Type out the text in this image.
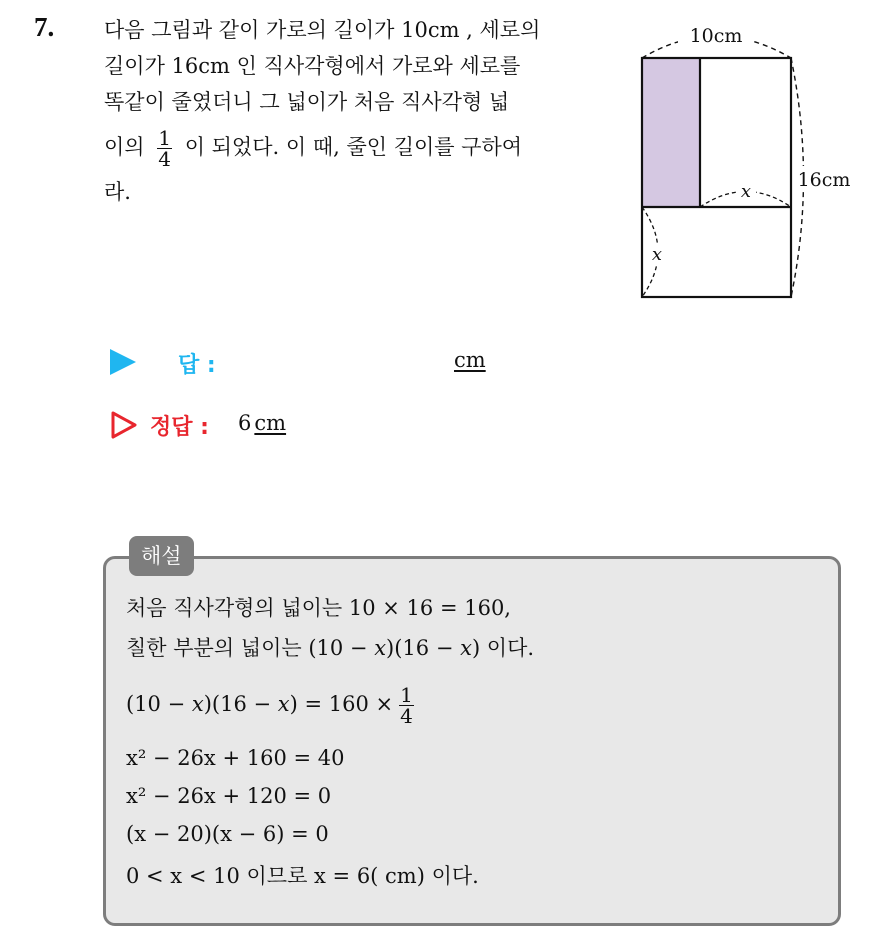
7. 다음 그림과 같이 가로의 길이가 10cm , 세로의
길이가 16cm 인 직사각형에서 가로와 세로를
똑같이 줄였더니 그 넓이가 처음 직사각형 넓
이의 $\frac{1}{4}$ 이 되었다. 이 때, 줄인 길이를 구하여
라.
10cm
16cm
x
x
답 :	cm
정답 : 6 cm
해설
처음 직사각형의 넓이는 10 × 16 = 160,
칠한 부분의 넓이는 (10 − x)(16 − x) 이다.
$(10 - x)(16 - x) = 160 \times \frac{1}{4}$
x² − 26x + 160 = 40
x² − 26x + 120 = 0
(x − 20)(x − 6) = 0
0 < x < 10 이므로 x = 6( cm) 이다.
